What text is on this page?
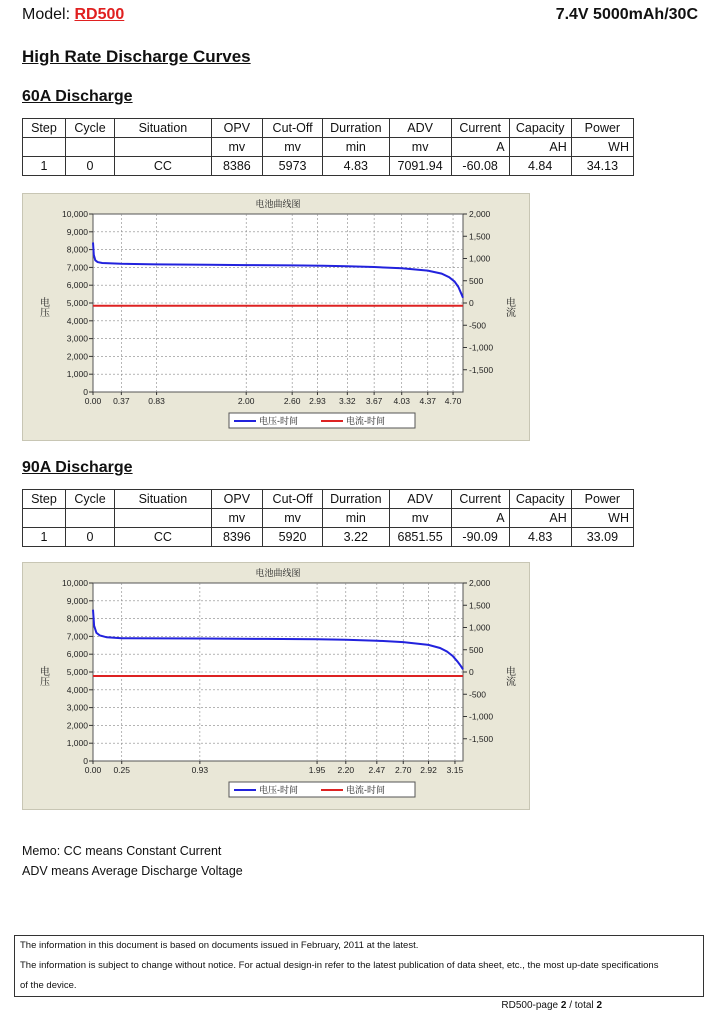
Model: RD500	7.4V 5000mAh/30C
High Rate Discharge Curves
60A Discharge
Step	Cycle	Situation	OPV	Cut-Off	Durration	ADV	Current	Capacity	Power
			mv	mv	min	mv	A	AH	WH
1	0	CC	8386	5973	4.83	7091.94	-60.08	4.84	34.13
电池曲线图
0
1,000
2,000
3,000
4,000
5,000
6,000
7,000
8,000
9,000
10,000
-1,500
-1,000
-500
0
500
1,000
1,500
2,000
0.00 0.37 0.83	2.00	2.60 2.93 3.32 3.67 4.03 4.37 4.70
电压	电流
电压-时间	电流-时间
90A Discharge
Step	Cycle	Situation	OPV	Cut-Off	Durration	ADV	Current	Capacity	Power
			mv	mv	min	mv	A	AH	WH
1	0	CC	8396	5920	3.22	6851.55	-90.09	4.83	33.09
电池曲线图
0
1,000
2,000
3,000
4,000
5,000
6,000
7,000
8,000
9,000
10,000
-1,500
-1,000
-500
0
500
1,000
1,500
2,000
0.00 0.25	0.93	1.95 2.20 2.47 2.70 2.92 3.15
电压	电流
电压-时间	电流-时间
Memo: CC means Constant Current
ADV means Average Discharge Voltage
The information in this document is based on documents issued in February, 2011 at the latest.
The information is subject to change without notice. For actual design-in refer to the latest publication of data sheet, etc., the most up-date specifications
of the device.
RD500-page 2 / total 2
